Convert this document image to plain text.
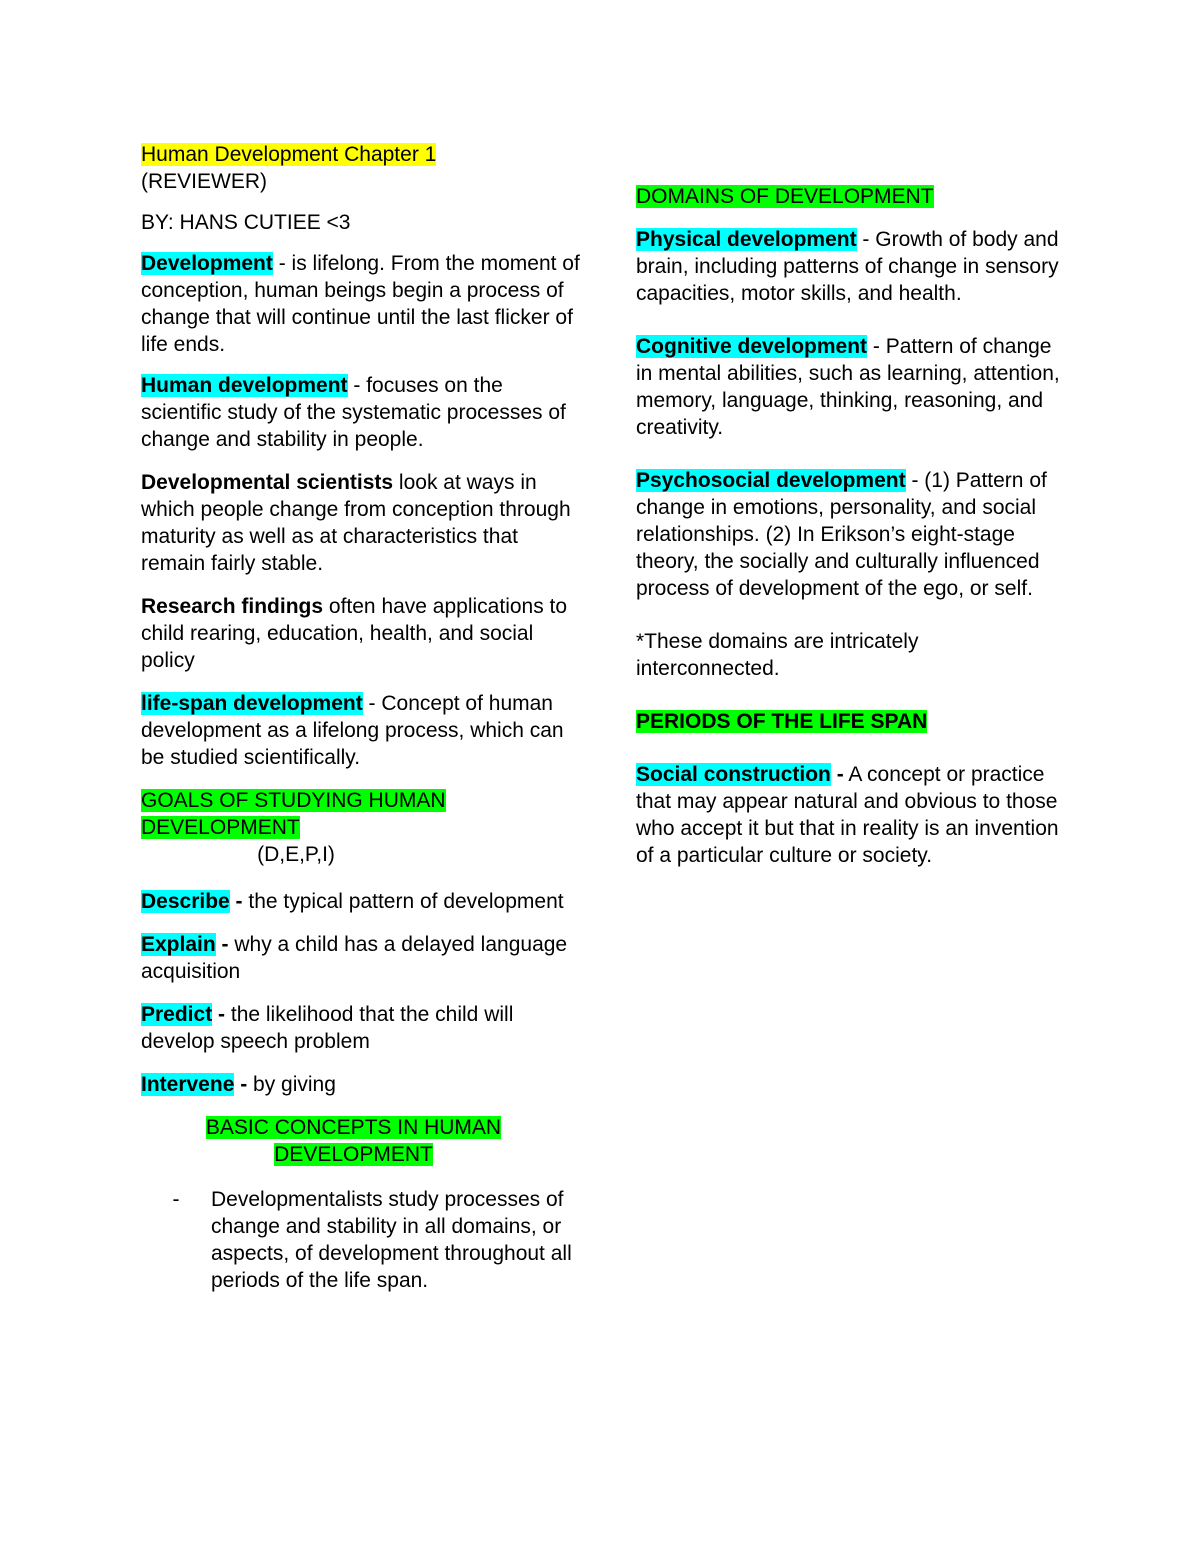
Human Development Chapter 1

(REVIEWER)

BY: HANS CUTIEE <3

Development - is lifelong. From the moment of conception, human beings begin a process of change that will continue until the last flicker of life ends.

Human development - focuses on the scientific study of the systematic processes of change and stability in people.

Developmental scientists look at ways in which people change from conception through maturity as well as at characteristics that remain fairly stable.

Research findings often have applications to child rearing, education, health, and social policy

life-span development - Concept of human development as a lifelong process, which can be studied scientifically.

GOALS OF STUDYING HUMAN DEVELOPMENT

(D,E,P,I)

Describe - the typical pattern of development

Explain - why a child has a delayed language acquisition

Predict - the likelihood that the child will develop speech problem

Intervene - by giving

BASIC CONCEPTS IN HUMAN

DEVELOPMENT

-	Developmentalists study processes of change and stability in all domains, or aspects, of development throughout all periods of the life span.

DOMAINS OF DEVELOPMENT

Physical development - Growth of body and brain, including patterns of change in sensory capacities, motor skills, and health.

Cognitive development - Pattern of change in mental abilities, such as learning, attention, memory, language, thinking, reasoning, and creativity.

Psychosocial development - (1) Pattern of change in emotions, personality, and social relationships. (2) In Erikson’s eight-stage theory, the socially and culturally influenced process of development of the ego, or self.

*These domains are intricately interconnected.

PERIODS OF THE LIFE SPAN

Social construction - A concept or practice that may appear natural and obvious to those who accept it but that in reality is an invention of a particular culture or society.
